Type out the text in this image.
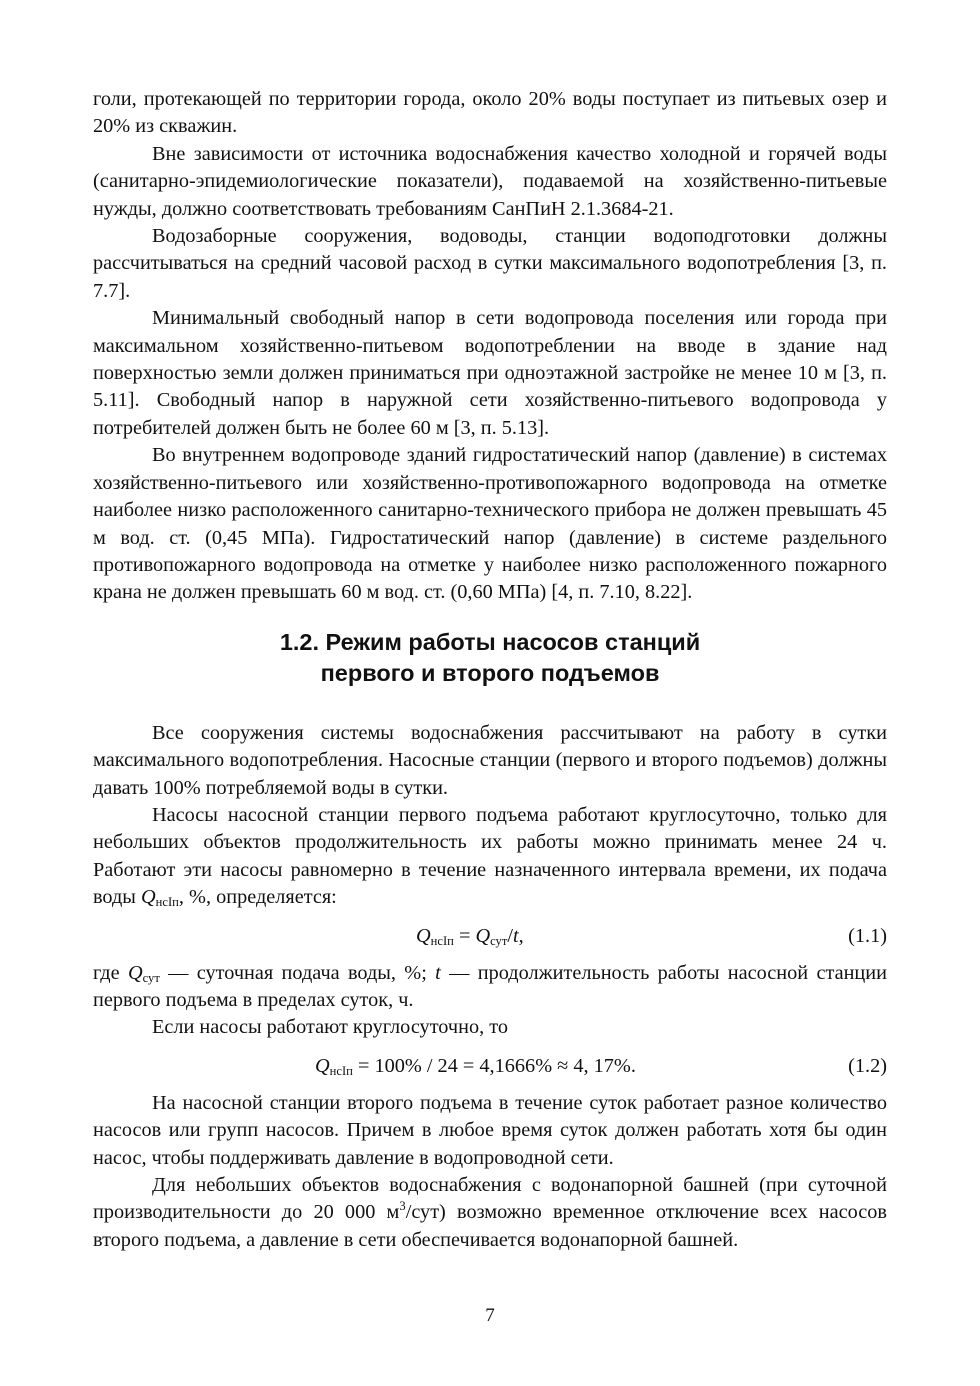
голи, протекающей по территории города, около 20% воды поступает из питьевых озер и 20% из скважин.

Вне зависимости от источника водоснабжения качество холодной и горячей воды (санитарно-эпидемиологические показатели), подаваемой на хозяйственно-питьевые нужды, должно соответствовать требованиям СанПиН 2.1.3684-21.

Водозаборные сооружения, водоводы, станции водоподготовки должны рассчитываться на средний часовой расход в сутки максимального водопотребления [3, п. 7.7].

Минимальный свободный напор в сети водопровода поселения или города при максимальном хозяйственно-питьевом водопотреблении на вводе в здание над поверхностью земли должен приниматься при одноэтажной застройке не менее 10 м [3, п. 5.11]. Свободный напор в наружной сети хозяйственно-питьевого водопровода у потребителей должен быть не более 60 м [3, п. 5.13].

Во внутреннем водопроводе зданий гидростатический напор (давление) в системах хозяйственно-питьевого или хозяйственно-противопожарного водопровода на отметке наиболее низко расположенного санитарно-технического прибора не должен превышать 45 м вод. ст. (0,45 МПа). Гидростатический напор (давление) в системе раздельного противопожарного водопровода на отметке у наиболее низко расположенного пожарного крана не должен превышать 60 м вод. ст. (0,60 МПа) [4, п. 7.10, 8.22].

1.2. Режим работы насосов станций
первого и второго подъемов

Все сооружения системы водоснабжения рассчитывают на работу в сутки максимального водопотребления. Насосные станции (первого и второго подъемов) должны давать 100% потребляемой воды в сутки.

Насосы насосной станции первого подъема работают круглосуточно, только для небольших объектов продолжительность их работы можно принимать менее 24 ч. Работают эти насосы равномерно в течение назначенного интервала времени, их подача воды $Q_{нсIп}$, %, определяется:

$Q_{нсIп} = Q_{сут}/t$,	(1.1)

где $Q_{сут}$ — суточная подача воды, %; t — продолжительность работы насосной станции первого подъема в пределах суток, ч.

Если насосы работают круглосуточно, то

$Q_{нсIп} = 100\% / 24 = 4,1666\% \approx 4$, 17%.	(1.2)

На насосной станции второго подъема в течение суток работает разное количество насосов или групп насосов. Причем в любое время суток должен работать хотя бы один насос, чтобы поддерживать давление в водопроводной сети.

Для небольших объектов водоснабжения с водонапорной башней (при суточной производительности до 20 000 $м^3/сут$) возможно временное отключение всех насосов второго подъема, а давление в сети обеспечивается водонапорной башней.

7
